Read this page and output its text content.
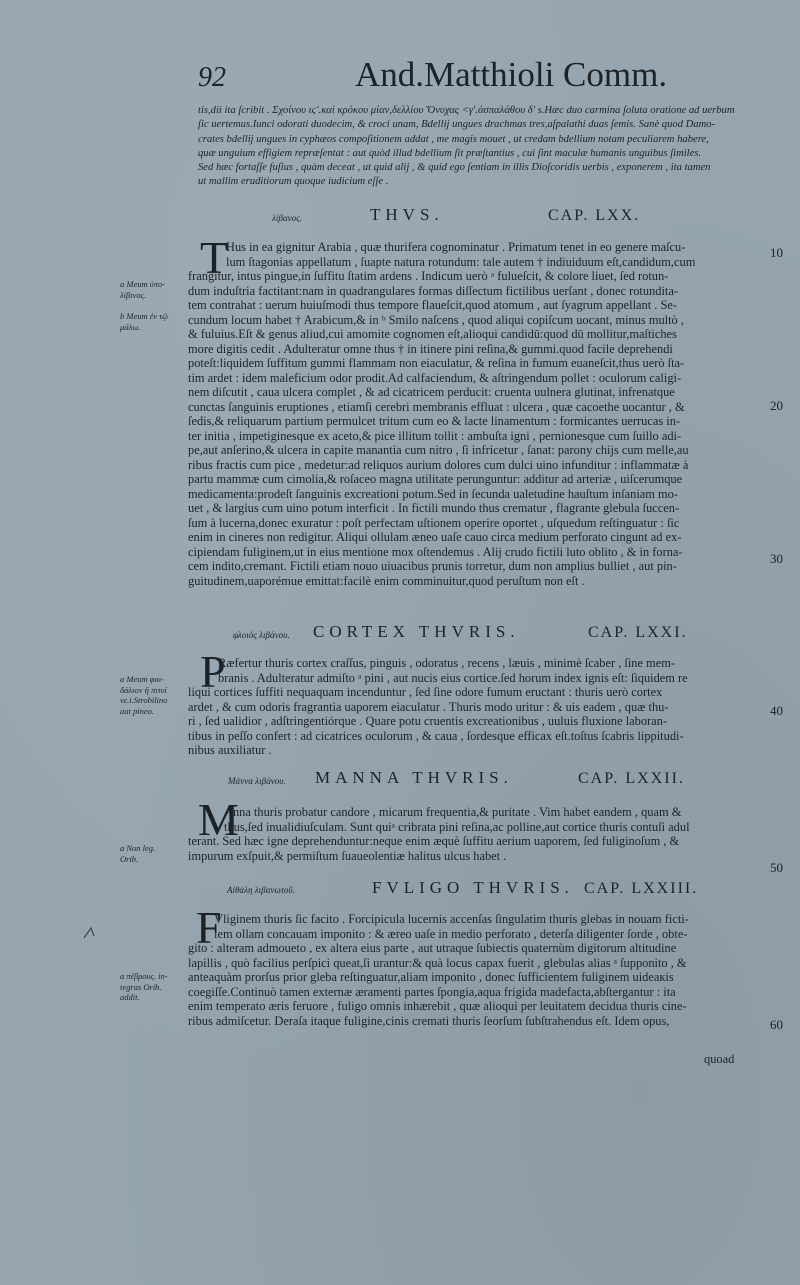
92	And.Matthioli Comm.

tis,dii ita ſcribit . Σχοίνου ιϛ'.καὶ κρόκου μίαν,δελλίου Ὄνυχας <γ'.ἀσπαλάθου δ' s.Hæc duo carmina ſoluta oratione ad uerbum

ſic uertemus.Iunci odorati duodecim, & croci unam, Bdellij ungues drachmas tres,aſpalathi duas ſemis. Sanè quod Damo-

crates bdellij ungues in cyphæos compoſitionem addat , me magis mouet , ut credam bdellium notam peculiarem habere,

quæ unguium effigiem repræſentat : aut quòd illud bdellium ſit præſtantius , cui ſint maculæ humanis unguibus ſimiles.

Sed hæc fortaſſe fuſius , quàm deceat , ut quid alij , & quid ego ſentiam in illis Dioſcoridis uerbis , exponerem , ita tamen

ut mallim eruditiorum quoque iudicium eſſe .

λίβανος.	THVS.	CAP. LXX.
T

Hus in ea gignitur Arabia , quæ thurifera cognominatur . Primatum tenet in eo genere maſcu-

lum ſtagonias appellatum , ſuapte natura rotundum: tale autem † indiuiduum eſt,candidum,cum

frangitur, intus pingue,in ſuffitu ſtatim ardens . Indicum uerò ᵃ fuluеſcit, & colore liuet, ſed rotun-

dum induſtria factitant:nam in quadrangulares formas diſſectum fictilibus uerſant , donec rotundita-

tem contrahat : uerum huiuſmodi thus tempore flaueſcit,quod atomum , aut ſyagrum appellant . Se-

cundum locum habet † Arabicum,& in ᵇ Smilo naſcens , quod aliqui copiſcum uocant, minus multò ,

& fuluius.Eſt & genus aliud,cui amomite cognomen eſt,alioqui candidū:quod dū mollitur,maſtiches

more digitis cedit . Adulteratur omne thus † in itinere pini reſina,& gummi.quod facile deprehendi

poteſt:liquidem ſuffitum gummi flammam non eiaculatur, & reſina in fumum euaneſcit,thus uerò ſta-

tim ardet : idem maleficium odor prodit.Ad calfaciendum, & aſtringendum pollet : oculorum caligi-

nem diſcutit , caua ulcera complet , & ad cicatricem perducit: cruenta uulnera glutinat, infrenatque

cunctas ſanguinis eruptiones , etiamſi cerebri membranis effluat : ulcera , quæ cacoethe uocantur , &

ſedis,& reliquarum partium permulcet tritum cum eo & lacte linamentum : formicantes uerrucas in-

ter initia , impetiginesque ex aceto,& pice illitum tollit : ambuſta igni , pernionesque cum ſuillo adi-

pe,aut anſerino,& ulcera in capite manantia cum nitro , ſi infricetur , ſanat: parony chijs cum melle,au

ribus fractis cum pice , medetur:ad reliquos aurium dolores cum dulci uino infunditur : inflammatæ à

partu mammæ cum cimolia,& roſaceo magna utilitate perunguntur: additur ad arteriæ , uiſcerumque

medicamenta:prodeſt ſanguinis excreationi potum.Sed in ſecunda ualetudine hauſtum inſaniam mo-

uet , & largius cum uino potum interficit . In fictili mundo thus crematur , flagrante glebula ſuccen-

ſum à lucerna,donec exuratur : poſt perfectam uſtionem operire oportet , uſquedum reſtinguatur : ſic

enim in cineres non redigitur. Aliqui ollulam æneo uaſe cauo circa medium perforato cingunt ad ex-

cipiendam fuliginem,ut in eius mentione mox oſtendemus . Alij crudo fictili luto oblito , & in forna-

cem indito,cremant. Fictili etiam nouo uiuacibus prunis torretur, dum non amplius bulliet , aut pin-

guitudinem,uaporémue emittat:facilè enim comminuitur,quod peruſtum non eſt .

φλοιὸς λιβάνου. CORTEX THVRIS.	CAP. LXXI.
P

Ræfertur thuris cortex craſſus, pinguis , odoratus , recens , læuis , minimè ſcaber , ſine mem-

branis . Adulteratur admiſto ᵃ pini , aut nucis eius cortice.ſed horum index ignis eſt: ſiquidem re

liqui cortices ſuffiti nequaquam incenduntur , ſed ſine odore fumum eructant : thuris uerò cortex

ardet , & cum odoris fragrantia uaporem eiaculatur . Thuris modo uritur : & uis eadem , quæ thu-

ri , ſed ualidior , adſtringentiórque . Quare potu cruentis excreationibus , uuluis fluxione laboran-

tibus in peſſo confert : ad cicatrices oculorum , & caua , ſordesque efficax eſt.toſtus ſcabris lippitudi-

nibus auxiliatur .

Μάννα λιβάνου. MANNA THVRIS.	CAP. LXXII.
M

Anna thuris probatur candore , micarum frequentia,& puritate . Vim habet eandem , quam &

thus,ſed inualidiuſculam. Sunt quiᵃ cribrata pini reſina,ac polline,aut cortice thuris contuſi adul

terant. Sed hæc igne deprehenduntur:neque enim æquè ſuffitu aerium uaporem, ſed fuliginoſum , &

impurum exſpuit,& permiſtum ſuaueolentiæ halitus ulcus habet .

Αἰθάλη λιβανωτοῦ.	FVLIGO THVRIS. CAP. LXXIII.
F

Vliginem thuris ſic facito . Forcipicula lucernis accenſas ſingulatim thuris glebas in nouam ficti-

lem ollam concauam imponito : & æreo uaſe in medio perforato , deterſa diligenter ſorde , obte-

gito : alteram admoueto , ex altera eius parte , aut utraque ſubiectis quaternùm digitorum altitudine

lapillis , quò facilius perſpici queat,ſi urantur:& quà locus capax fuerit , glebulas alias ᵃ ſupponito , &

anteaquàm prorſus prior gleba reſtinguatur,aliam imponito , donec ſufficientem fuliginem uideaкis

coegiſſe.Continuò tamen externæ æramenti partes ſpongia,aqua frigida madefacta,abſtergantur : ita

enim temperato æris feruore , fuligo omnis inhærebit , quæ alioqui per leuitatem decidua thuris cine-

ribus admiſcetur. Deraſa itaque fuligine,cinis cremati thuris ſeorſum ſubſtrahendus eſt. Idem opus,

quoad
a Meum ὑπο-
λίβινος.
b Meum ἐν τῷ
μάλω.
a Meum φαι-
δάλιον ἢ πιτυί
νε.i.Strobilino
aut pineo.
a Non leg.
Orib.
a πέβρους. in-
tegras Orib.
addit.
10
20
30
40
50
60
